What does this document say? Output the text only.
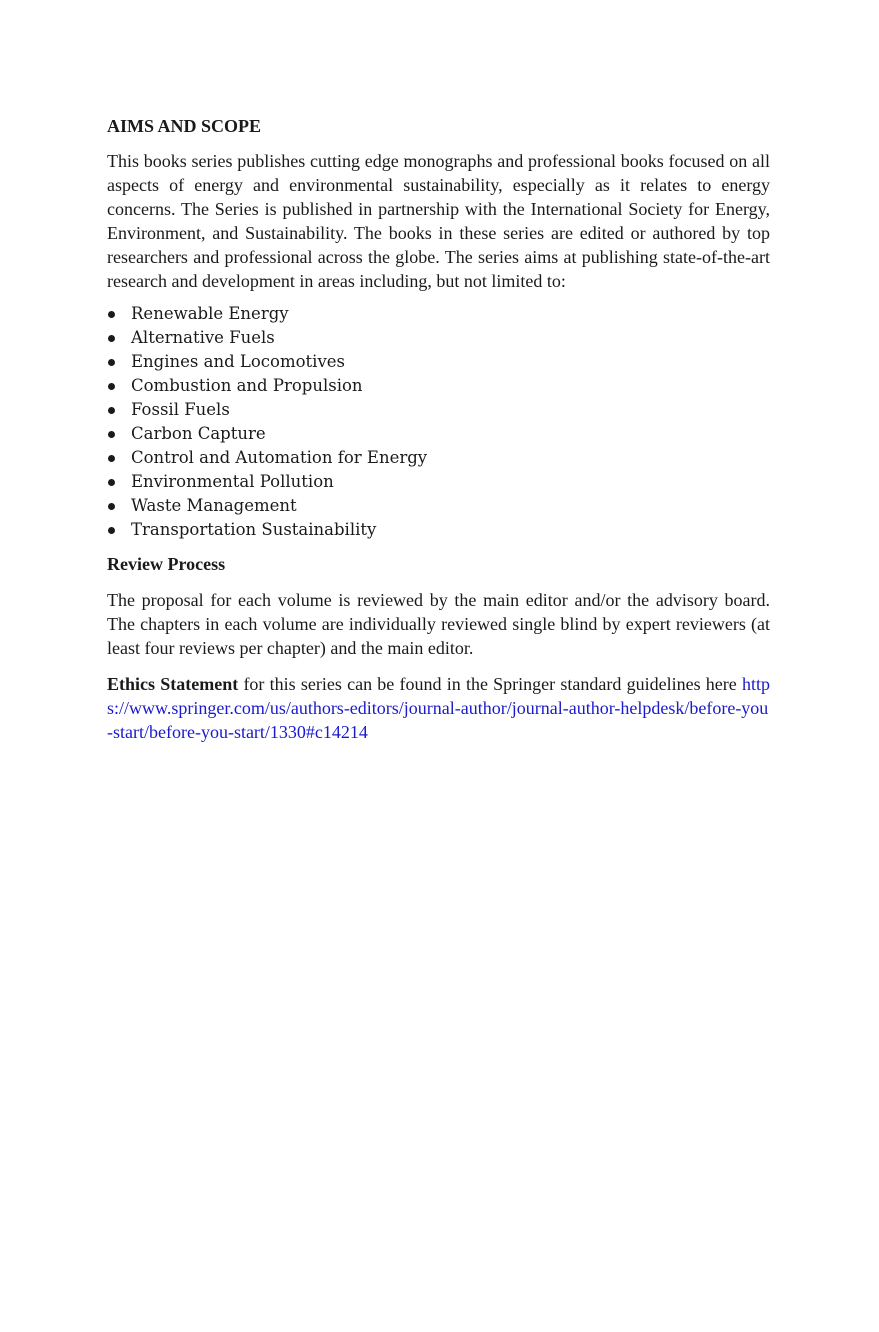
AIMS AND SCOPE

This books series publishes cutting edge monographs and professional books focused on all aspects of energy and environmental sustainability, especially as it relates to energy concerns. The Series is published in partnership with the International Society for Energy, Environment, and Sustainability. The books in these series are edited or authored by top researchers and professional across the globe. The series aims at publishing state-of-the-art research and development in areas including, but not limited to:

Renewable Energy
Alternative Fuels
Engines and Locomotives
Combustion and Propulsion
Fossil Fuels
Carbon Capture
Control and Automation for Energy
Environmental Pollution
Waste Management
Transportation Sustainability
Review Process

The proposal for each volume is reviewed by the main editor and/or the advisory board. The chapters in each volume are individually reviewed single blind by expert reviewers (at least four reviews per chapter) and the main editor.

Ethics Statement for this series can be found in the Springer standard guidelines here https://www.springer.com/us/authors-editors/journal-author/journal-author-helpdesk/before-you-start/before-you-start/1330#c14214
